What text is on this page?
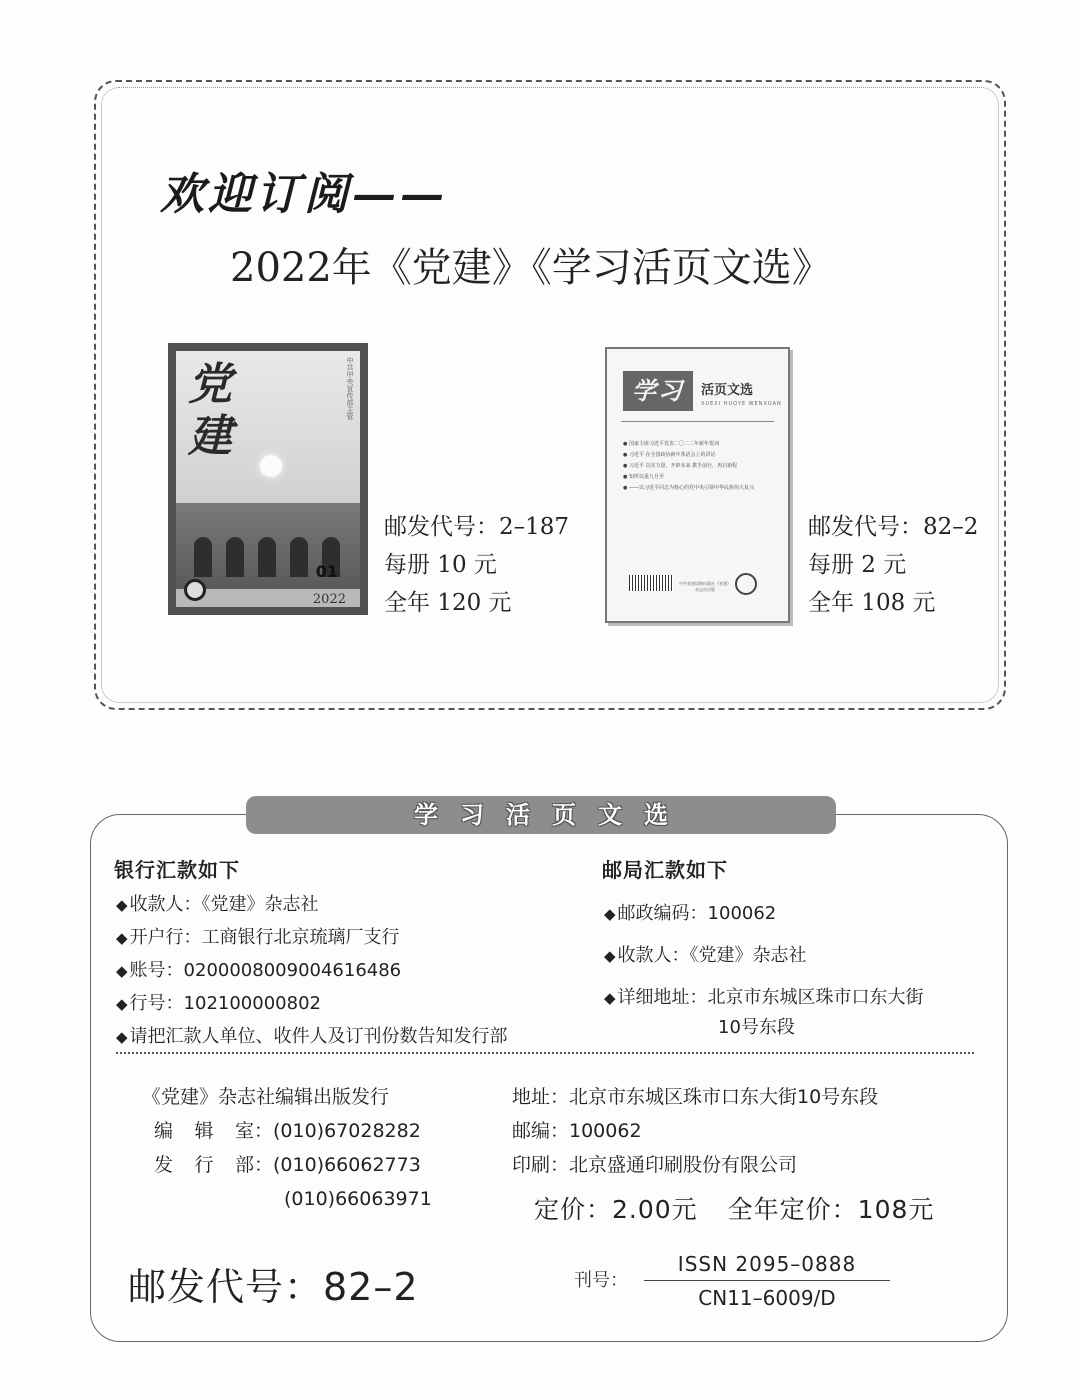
欢迎订阅——
2022年《党建》《学习活页文选》
党
建
中共中央宣传部主管
01
2022
邮发代号：2–187
每册 10 元
全年 120 元
学习	活页文选
XUEXI HUOYE WENXUAN
● 国家主席习近平发表二〇二二年新年贺词
● 习近平 在全国政协新年茶话会上的讲话
● 习近平 以实力量，开辟未来 携手前行，再启新程
● 知所以重九月至
● ——以习近平同志为核心的党中央引领中华民族伟大复兴
中共党建读物出版社《党建》杂志社出版
邮发代号：82–2
每册 2 元
全年 108 元
学习活页文选
银行汇款如下
◆ 收款人：《党建》杂志社
◆ 开户行：工商银行北京琉璃厂支行
◆ 账号：0200008009004616486
◆ 行号：102100000802
◆ 请把汇款人单位、收件人及订刊份数告知发行部
邮局汇款如下
◆ 邮政编码：100062
◆ 收款人：《党建》杂志社
◆ 详细地址：北京市东城区珠市口东大街
10号东段
《党建》杂志社编辑出版发行
编辑室：(010)67028282
发行部：(010)66062773
(010)66063971
地址：北京市东城区珠市口东大街10号东段
邮编：100062
印刷：北京盛通印刷股份有限公司
定价：2.00元 全年定价：108元
邮发代号：82–2	刊号：
ISSN 2095–0888
CN11–6009/D
